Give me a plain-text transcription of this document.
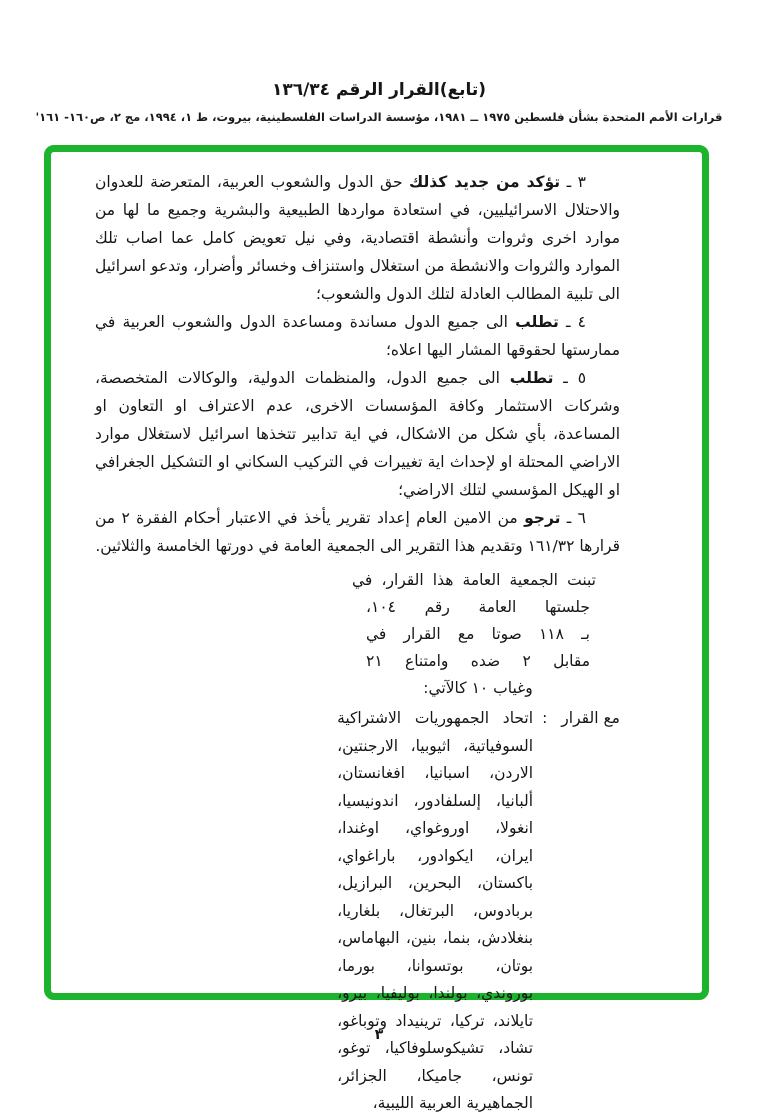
(تابع)القرار الرقم ١٣٦/٣٤
قرارات الأمم المتحدة بشأن فلسطين ١٩٧٥ ــ ١٩٨١، مؤسسة الدراسات الفلسطينية، بيروت، ط ١، ١٩٩٤، مج ٢، ص١٦٠- ١٦١'

٣ ـ تؤكد من جديد كذلك حق الدول والشعوب العربية، المتعرضة للعدوان والاحتلال الاسرائيليين، في استعادة مواردها الطبيعية والبشرية وجميع ما لها من موارد اخرى وثروات وأنشطة اقتصادية، وفي نيل تعويض كامل عما اصاب تلك الموارد والثروات والانشطة من استغلال واستنزاف وخسائر وأضرار، وتدعو اسرائيل الى تلبية المطالب العادلة لتلك الدول والشعوب؛

٤ ـ تطلب الى جميع الدول مساندة ومساعدة الدول والشعوب العربية في ممارستها لحقوقها المشار اليها اعلاه؛

٥ ـ تطلب الى جميع الدول، والمنظمات الدولية، والوكالات المتخصصة، وشركات الاستثمار وكافة المؤسسات الاخرى، عدم الاعتراف او التعاون او المساعدة، بأي شكل من الاشكال، في اية تدابير تتخذها اسرائيل لاستغلال موارد الاراضي المحتلة او لإحداث اية تغييرات في التركيب السكاني او التشكيل الجغرافي او الهيكل المؤسسي لتلك الاراضي؛

٦ ـ ترجو من الامين العام إعداد تقرير يأخذ في الاعتبار أحكام الفقرة ٢ من قرارها ١٦١/٣٢ وتقديم هذا التقرير الى الجمعية العامة في دورتها الخامسة والثلاثين.

تبنت الجمعية العامة هذا القرار، في
جلستها العامة رقم ١٠٤،
بـ ١١٨ صوتا مع القرار في
مقابل ٢ ضده وامتناع ٢١
وغياب ١٠ كالآتي:
مع القرار
:
اتحاد الجمهوريات الاشتراكية السوفياتية، اثيوبيا، الارجنتين، الاردن، اسبانيا، افغانستان، ألبانيا، إلسلفادور، اندونيسيا، انغولا، اوروغواي، اوغندا، ايران، ايكوادور، باراغواي، باكستان، البحرين، البرازيل، بربادوس، البرتغال، بلغاريا، بنغلادش، بنما، بنين، البهاماس، بوتان، بوتسوانا، بورما، بوروندي، بولندا، بوليفيا، بيرو، تايلاند، تركيا، ترينيداد وتوباغو، تشاد، تشيكوسلوفاكيا، توغو، تونس، جاميكا، الجزائر، الجماهيرية العربية الليبية،
٣
